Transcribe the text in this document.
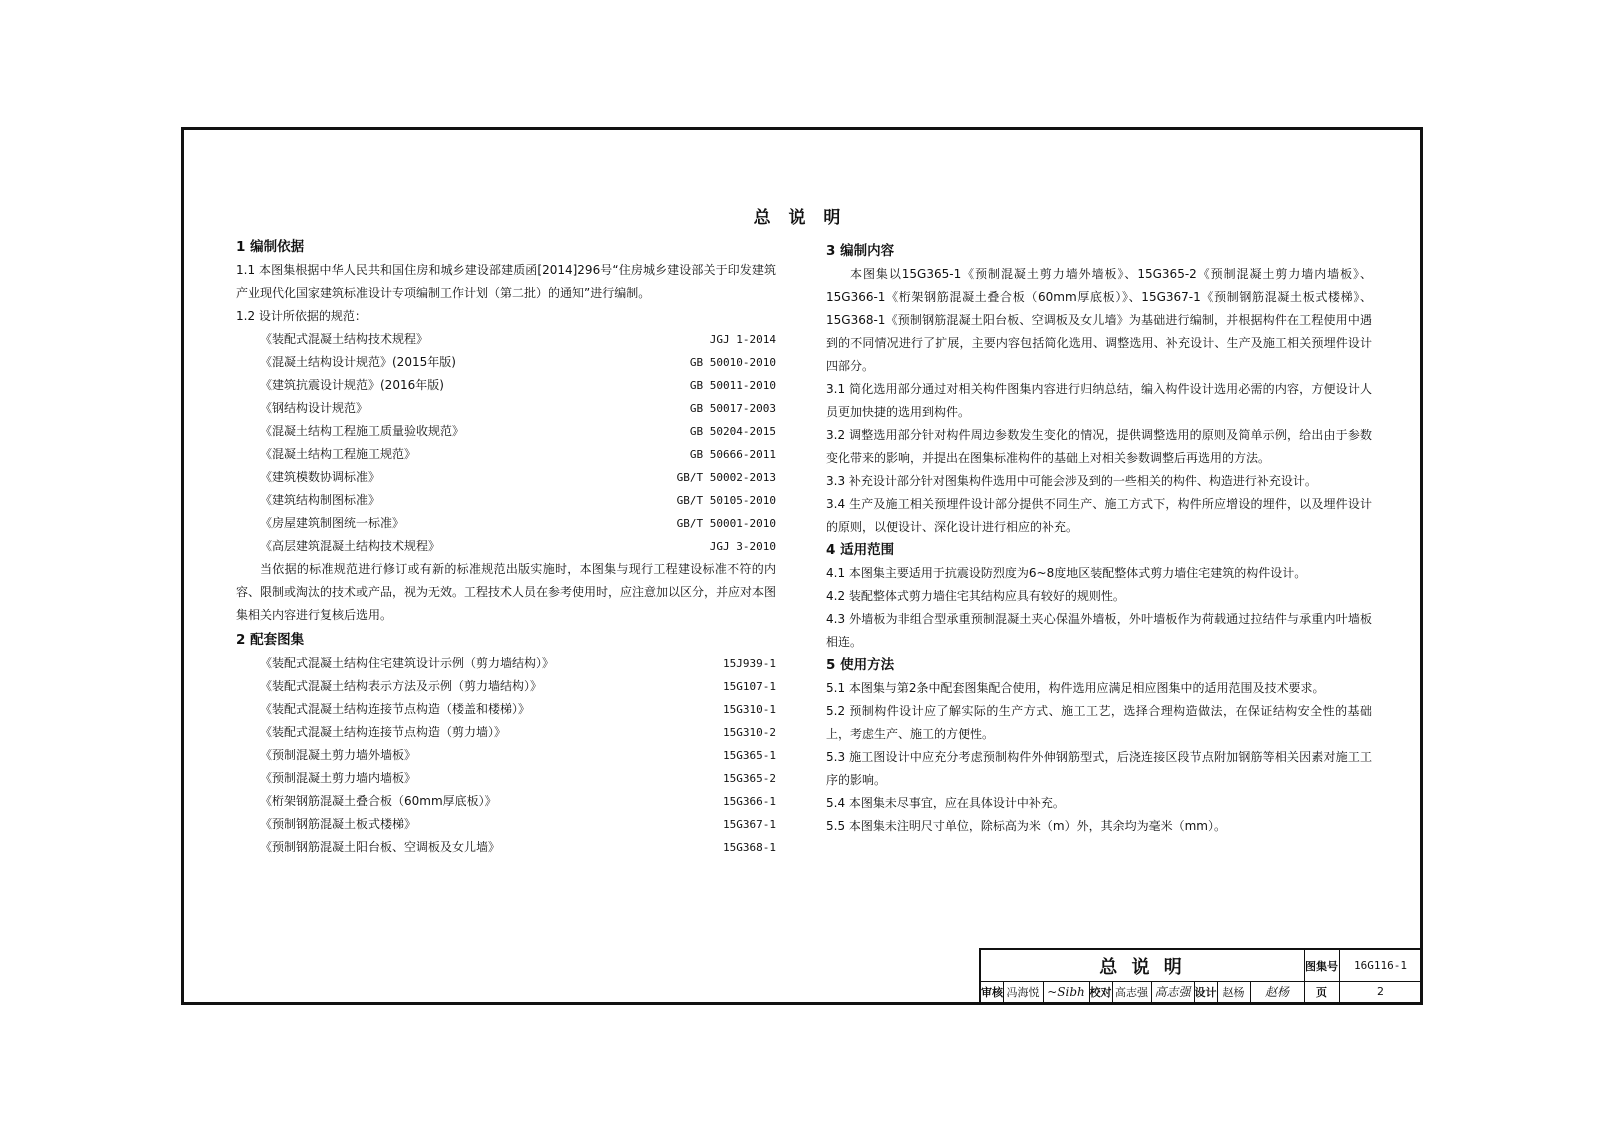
总 说 明
1 编制依据
1.1 本图集根据中华人民共和国住房和城乡建设部建质函[2014]296号“住房城乡建设部关于印发建筑产业现代化国家建筑标准设计专项编制工作计划（第二批）的通知”进行编制。
1.2 设计所依据的规范：
《装配式混凝土结构技术规程》	JGJ 1-2014
《混凝土结构设计规范》(2015年版)	GB 50010-2010
《建筑抗震设计规范》(2016年版)	GB 50011-2010
《钢结构设计规范》	GB 50017-2003
《混凝土结构工程施工质量验收规范》	GB 50204-2015
《混凝土结构工程施工规范》	GB 50666-2011
《建筑模数协调标准》	GB/T 50002-2013
《建筑结构制图标准》	GB/T 50105-2010
《房屋建筑制图统一标准》	GB/T 50001-2010
《高层建筑混凝土结构技术规程》	JGJ 3-2010
当依据的标准规范进行修订或有新的标准规范出版实施时，本图集与现行工程建设标准不符的内容、限制或淘汰的技术或产品，视为无效。工程技术人员在参考使用时，应注意加以区分，并应对本图集相关内容进行复核后选用。
2 配套图集
《装配式混凝土结构住宅建筑设计示例（剪力墙结构）》	15J939-1
《装配式混凝土结构表示方法及示例（剪力墙结构）》	15G107-1
《装配式混凝土结构连接节点构造（楼盖和楼梯）》	15G310-1
《装配式混凝土结构连接节点构造（剪力墙）》	15G310-2
《预制混凝土剪力墙外墙板》	15G365-1
《预制混凝土剪力墙内墙板》	15G365-2
《桁架钢筋混凝土叠合板（60mm厚底板）》	15G366-1
《预制钢筋混凝土板式楼梯》	15G367-1
《预制钢筋混凝土阳台板、空调板及女儿墙》	15G368-1
3 编制内容
本图集以15G365-1《预制混凝土剪力墙外墙板》、15G365-2《预制混凝土剪力墙内墙板》、15G366-1《桁架钢筋混凝土叠合板（60mm厚底板）》、15G367-1《预制钢筋混凝土板式楼梯》、15G368-1《预制钢筋混凝土阳台板、空调板及女儿墙》为基础进行编制，并根据构件在工程使用中遇到的不同情况进行了扩展，主要内容包括简化选用、调整选用、补充设计、生产及施工相关预埋件设计四部分。
3.1 简化选用部分通过对相关构件图集内容进行归纳总结，编入构件设计选用必需的内容，方便设计人员更加快捷的选用到构件。
3.2 调整选用部分针对构件周边参数发生变化的情况，提供调整选用的原则及简单示例，给出由于参数变化带来的影响，并提出在图集标准构件的基础上对相关参数调整后再选用的方法。
3.3 补充设计部分针对图集构件选用中可能会涉及到的一些相关的构件、构造进行补充设计。
3.4 生产及施工相关预埋件设计部分提供不同生产、施工方式下，构件所应增设的埋件，以及埋件设计的原则，以便设计、深化设计进行相应的补充。
4 适用范围
4.1 本图集主要适用于抗震设防烈度为6~8度地区装配整体式剪力墙住宅建筑的构件设计。
4.2 装配整体式剪力墙住宅其结构应具有较好的规则性。
4.3 外墙板为非组合型承重预制混凝土夹心保温外墙板，外叶墙板作为荷载通过拉结件与承重内叶墙板相连。
5 使用方法
5.1 本图集与第2条中配套图集配合使用，构件选用应满足相应图集中的适用范围及技术要求。
5.2 预制构件设计应了解实际的生产方式、施工工艺，选择合理构造做法，在保证结构安全性的基础上，考虑生产、施工的方便性。
5.3 施工图设计中应充分考虑预制构件外伸钢筋型式，后浇连接区段节点附加钢筋等相关因素对施工工序的影响。
5.4 本图集未尽事宜，应在具体设计中补充。
5.5 本图集未注明尺寸单位，除标高为米（m）外，其余均为毫米（mm）。
总 说 明	图集号	16G116-1
审核 冯海悦 ~Sibh 校对 高志强 高志强 设计 赵杨	赵杨	页	2
